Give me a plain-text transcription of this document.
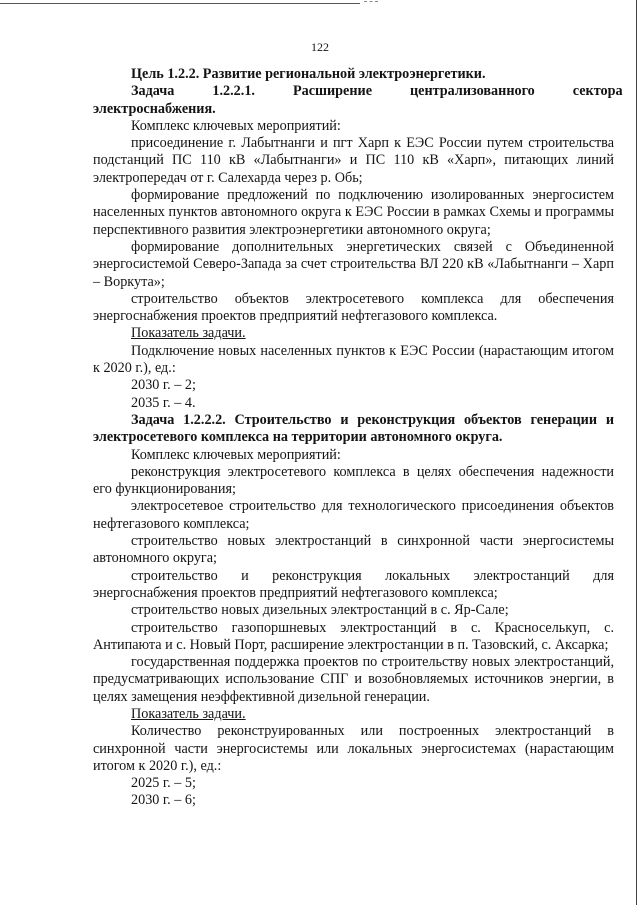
122

Цель 1.2.2. Развитие региональной электроэнергетики.

Задача	1.2.2.1.	Расширение	централизованного	сектора

электроснабжения.

Комплекс ключевых мероприятий:

присоединение г. Лабытнанги и пгт Харп к ЕЭС России путем строительства подстанций ПС 110 кВ «Лабытнанги» и ПС 110 кВ «Харп», питающих линий электропередач от г. Салехарда через р. Обь;

формирование предложений по подключению изолированных энергосистем населенных пунктов автономного округа к ЕЭС России в рамках Схемы и программы перспективного развития электроэнергетики автономного округа;

формирование дополнительных энергетических связей с Объединенной энергосистемой Северо-Запада за счет строительства ВЛ 220 кВ «Лабытнанги – Харп – Воркута»;

строительство объектов электросетевого комплекса для обеспечения энергоснабжения проектов предприятий нефтегазового комплекса.

Показатель задачи.

Подключение новых населенных пунктов к ЕЭС России (нарастающим итогом к 2020 г.), ед.:

2030 г. – 2;

2035 г. – 4.

Задача 1.2.2.2. Строительство и реконструкция объектов генерации и электросетевого комплекса на территории автономного округа.

Комплекс ключевых мероприятий:

реконструкция электросетевого комплекса в целях обеспечения надежности его функционирования;

электросетевое строительство для технологического присоединения объектов нефтегазового комплекса;

строительство новых электростанций в синхронной части энергосистемы автономного округа;

строительство и реконструкция локальных электростанций для энергоснабжения проектов предприятий нефтегазового комплекса;

строительство новых дизельных электростанций в с. Яр-Сале;

строительство газопоршневых электростанций в с. Красноселькуп, с. Антипаюта и с. Новый Порт, расширение электростанции в п. Тазовский, с. Аксарка;

государственная поддержка проектов по строительству новых электростанций, предусматривающих использование СПГ и возобновляемых источников энергии, в целях замещения неэффективной дизельной генерации.

Показатель задачи.

Количество реконструированных или построенных электростанций в синхронной части энергосистемы или локальных энергосистемах (нарастающим итогом к 2020 г.), ед.:

2025 г. – 5;

2030 г. – 6;
